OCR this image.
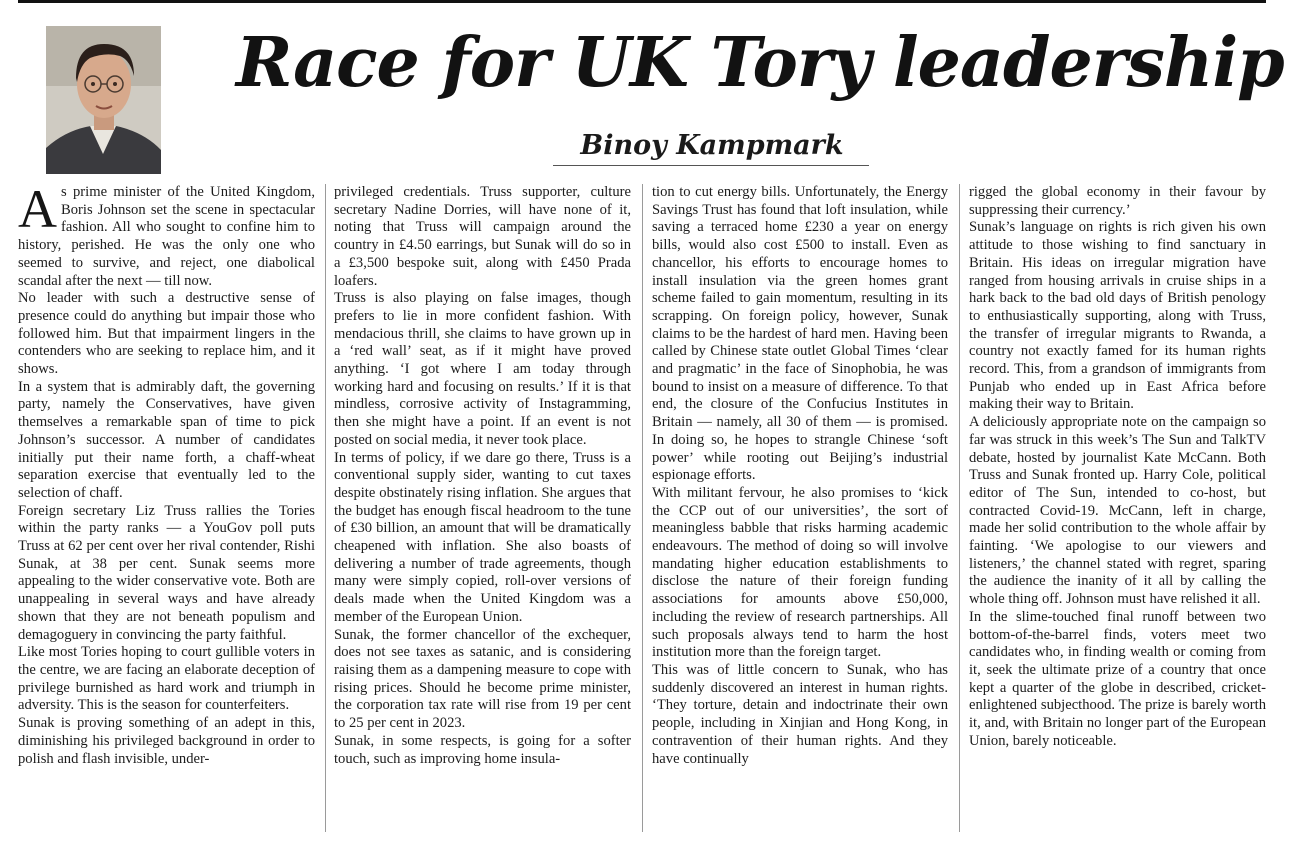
Race for UK Tory leadership
Binoy Kampmark

As prime minister of the United Kingdom, Boris Johnson set the scene in spectacular fashion. All who sought to confine him to history, perished. He was the only one who seemed to survive, and reject, one diabolical scandal after the next — till now.

No leader with such a destructive sense of presence could do anything but impair those who followed him. But that impairment lingers in the contenders who are seeking to replace him, and it shows.

In a system that is admirably daft, the governing party, namely the Conservatives, have given themselves a remarkable span of time to pick Johnson’s successor. A number of candidates initially put their name forth, a chaff-wheat separation exercise that eventually led to the selection of chaff.

Foreign secretary Liz Truss rallies the Tories within the party ranks — a YouGov poll puts Truss at 62 per cent over her rival contender, Rishi Sunak, at 38 per cent. Sunak seems more appealing to the wider conservative vote. Both are unappealing in several ways and have already shown that they are not beneath populism and demagoguery in convincing the party faithful.

Like most Tories hoping to court gullible voters in the centre, we are facing an elaborate deception of privilege burnished as hard work and triumph in adversity. This is the season for counterfeiters.

Sunak is proving something of an adept in this, diminishing his privileged background in order to polish and flash invisible, under-

privileged credentials. Truss supporter, culture secretary Nadine Dorries, will have none of it, noting that Truss will campaign around the country in £4.50 earrings, but Sunak will do so in a £3,500 bespoke suit, along with £450 Prada loafers.

Truss is also playing on false images, though prefers to lie in more confident fashion. With mendacious thrill, she claims to have grown up in a ‘red wall’ seat, as if it might have proved anything. ‘I got where I am today through working hard and focusing on results.’ If it is that mindless, corrosive activity of Instagramming, then she might have a point. If an event is not posted on social media, it never took place.

In terms of policy, if we dare go there, Truss is a conventional supply sider, wanting to cut taxes despite obstinately rising inflation. She argues that the budget has enough fiscal headroom to the tune of £30 billion, an amount that will be dramatically cheapened with inflation. She also boasts of delivering a number of trade agreements, though many were simply copied, roll-over versions of deals made when the United Kingdom was a member of the European Union.

Sunak, the former chancellor of the exchequer, does not see taxes as satanic, and is considering raising them as a dampening measure to cope with rising prices. Should he become prime minister, the corporation tax rate will rise from 19 per cent to 25 per cent in 2023.

Sunak, in some respects, is going for a softer touch, such as improving home insula-

tion to cut energy bills. Unfortunately, the Energy Savings Trust has found that loft insulation, while saving a terraced home £230 a year on energy bills, would also cost £500 to install. Even as chancellor, his efforts to encourage homes to install insulation via the green homes grant scheme failed to gain momentum, resulting in its scrapping. On foreign policy, however, Sunak claims to be the hardest of hard men. Having been called by Chinese state outlet Global Times ‘clear and pragmatic’ in the face of Sinophobia, he was bound to insist on a measure of difference. To that end, the closure of the Confucius Institutes in Britain — namely, all 30 of them — is promised. In doing so, he hopes to strangle Chinese ‘soft power’ while rooting out Beijing’s industrial espionage efforts.

With militant fervour, he also promises to ‘kick the CCP out of our universities’, the sort of meaningless babble that risks harming academic endeavours. The method of doing so will involve mandating higher education establishments to disclose the nature of their foreign funding associations for amounts above £50,000, including the review of research partnerships. All such proposals always tend to harm the host institution more than the foreign target.

This was of little concern to Sunak, who has suddenly discovered an interest in human rights. ‘They torture, detain and indoctrinate their own people, including in Xinjian and Hong Kong, in contravention of their human rights. And they have continually

rigged the global economy in their favour by suppressing their currency.’

Sunak’s language on rights is rich given his own attitude to those wishing to find sanctuary in Britain. His ideas on irregular migration have ranged from housing arrivals in cruise ships in a hark back to the bad old days of British penology to enthusiastically supporting, along with Truss, the transfer of irregular migrants to Rwanda, a country not exactly famed for its human rights record. This, from a grandson of immigrants from Punjab who ended up in East Africa before making their way to Britain.

A deliciously appropriate note on the campaign so far was struck in this week’s The Sun and TalkTV debate, hosted by journalist Kate McCann. Both Truss and Sunak fronted up. Harry Cole, political editor of The Sun, intended to co-host, but contracted Covid-19. McCann, left in charge, made her solid contribution to the whole affair by fainting. ‘We apologise to our viewers and listeners,’ the channel stated with regret, sparing the audience the inanity of it all by calling the whole thing off. Johnson must have relished it all.

In the slime-touched final runoff between two bottom-of-the-barrel finds, voters meet two candidates who, in finding wealth or coming from it, seek the ultimate prize of a country that once kept a quarter of the globe in described, cricket-enlightened subjecthood. The prize is barely worth it, and, with Britain no longer part of the European Union, barely noticeable.
